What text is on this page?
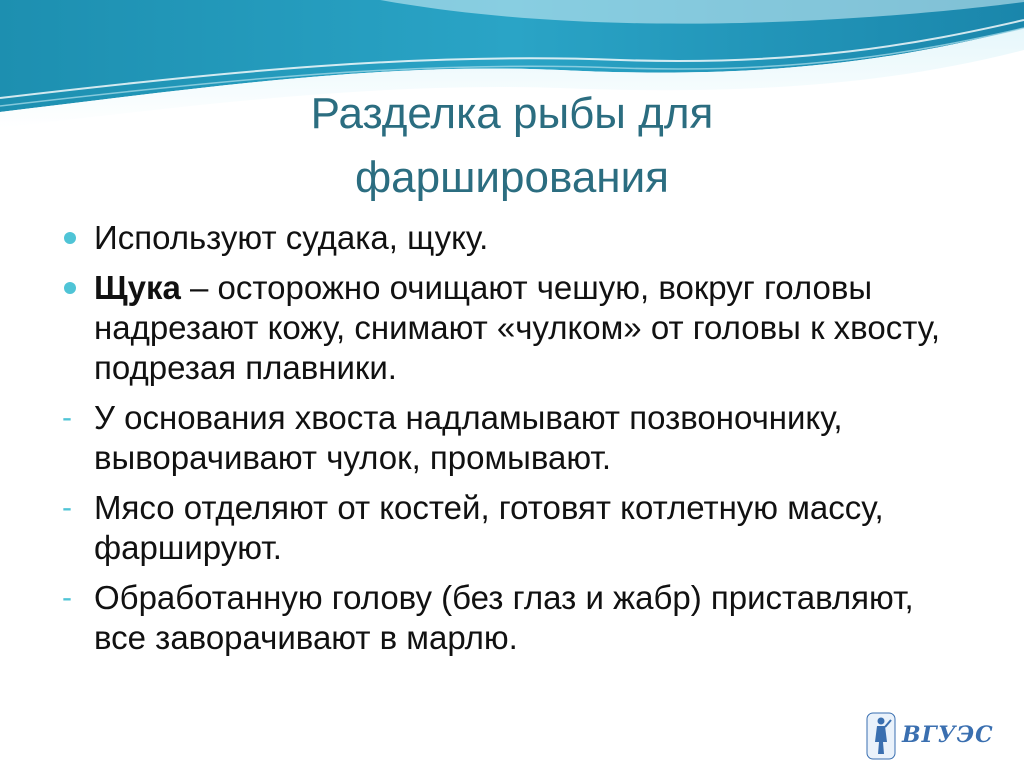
Разделка рыбы для
фарширования
Используют судака, щуку.
Щука – осторожно очищают чешую, вокруг головы надрезают кожу, снимают «чулком» от головы к хвосту, подрезая плавники.
- У основания хвоста надламывают позвоночнику, выворачивают чулок, промывают.
- Мясо отделяют от костей, готовят котлетную массу, фаршируют.
- Обработанную голову (без глаз и жабр) приставляют, все заворачивают в марлю.
ВГУЭС
